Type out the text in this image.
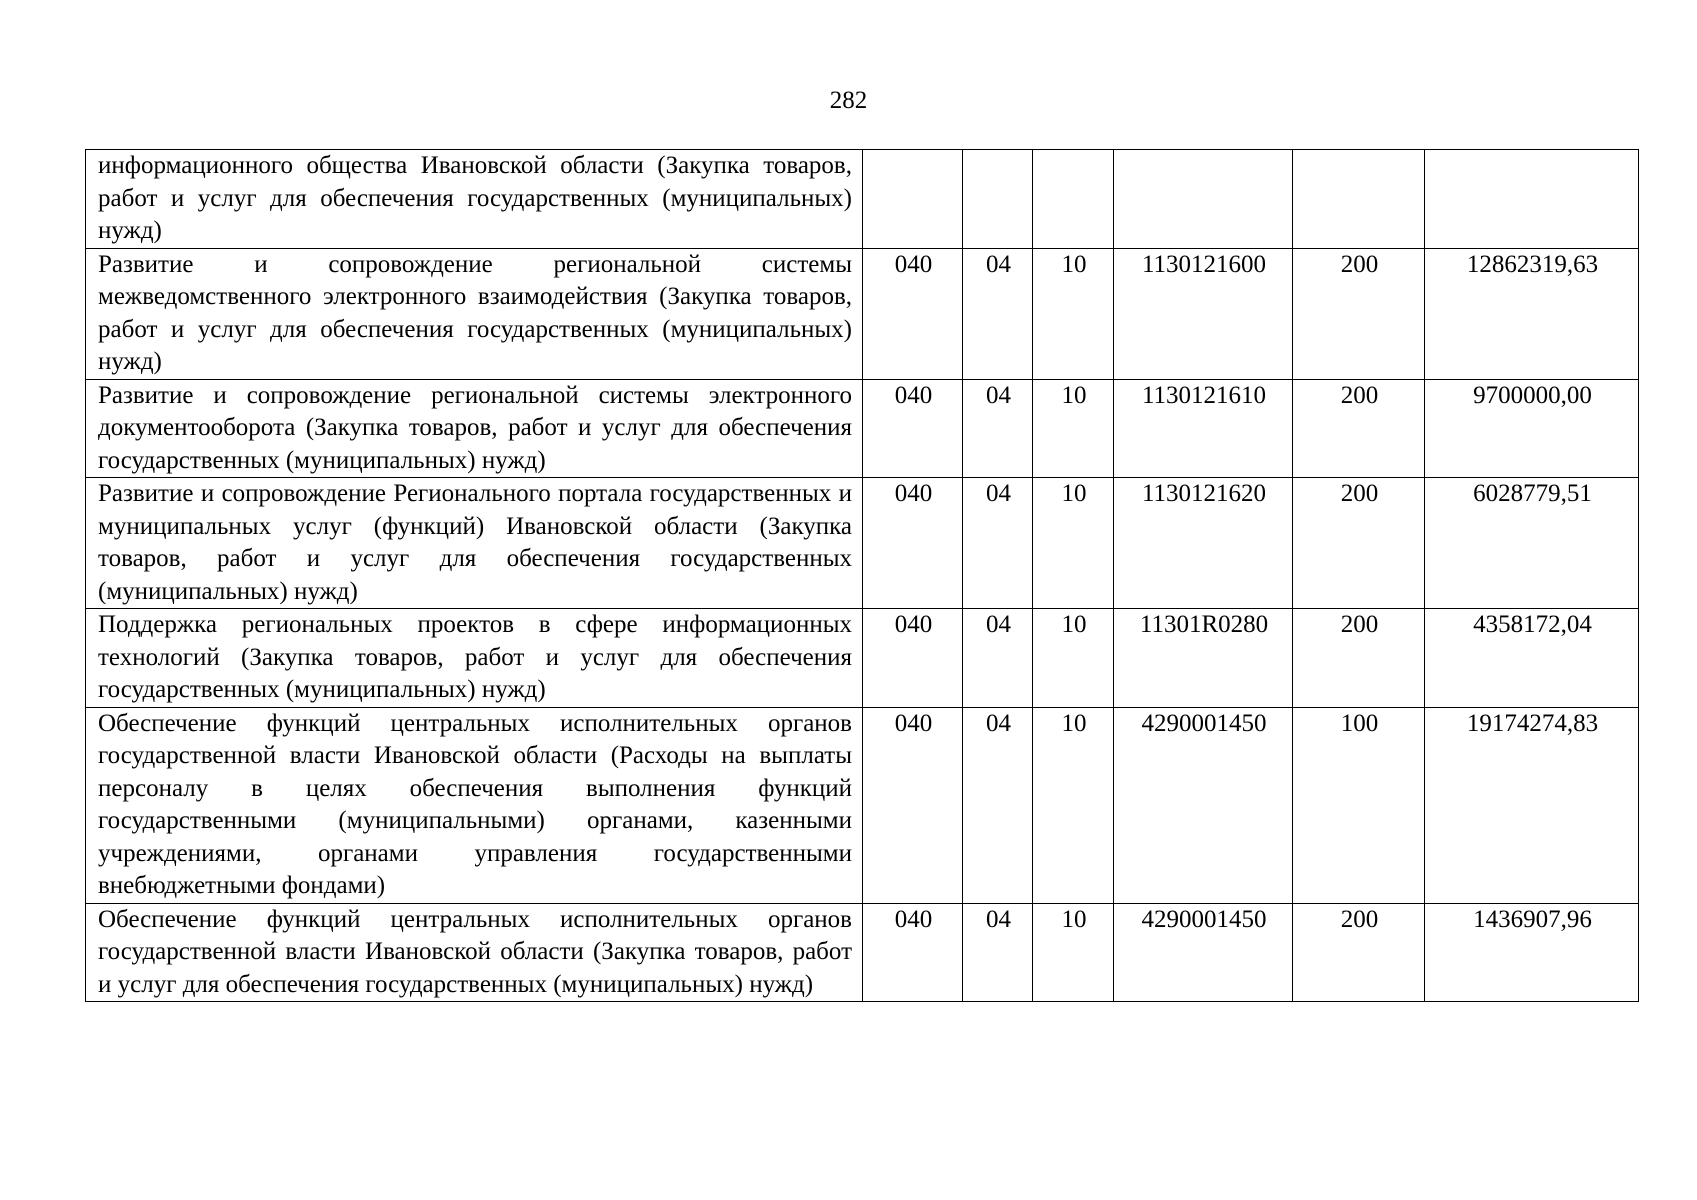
282
информационного общества Ивановской области (Закупка товаров, работ и услуг для обеспечения государственных (муниципальных) нужд)						
Развитие и сопровождение региональной системы межведомственного электронного взаимодействия (Закупка товаров, работ и услуг для обеспечения государственных (муниципальных) нужд)	040	04	10	1130121600	200	12862319,63
Развитие и сопровождение региональной системы электронного документооборота (Закупка товаров, работ и услуг для обеспечения государственных (муниципальных) нужд)	040	04	10	1130121610	200	9700000,00
Развитие и сопровождение Регионального портала государственных и муниципальных услуг (функций) Ивановской области (Закупка товаров, работ и услуг для обеспечения государственных (муниципальных) нужд)	040	04	10	1130121620	200	6028779,51
Поддержка региональных проектов в сфере информационных технологий (Закупка товаров, работ и услуг для обеспечения государственных (муниципальных) нужд)	040	04	10	11301R0280	200	4358172,04
Обеспечение функций центральных исполнительных органов государственной власти Ивановской области (Расходы на выплаты персоналу в целях обеспечения выполнения функций государственными (муниципальными) органами, казенными учреждениями, органами управления государственными внебюджетными фондами)	040	04	10	4290001450	100	19174274,83
Обеспечение функций центральных исполнительных органов государственной власти Ивановской области (Закупка товаров, работ и услуг для обеспечения государственных (муниципальных) нужд)	040	04	10	4290001450	200	1436907,96
